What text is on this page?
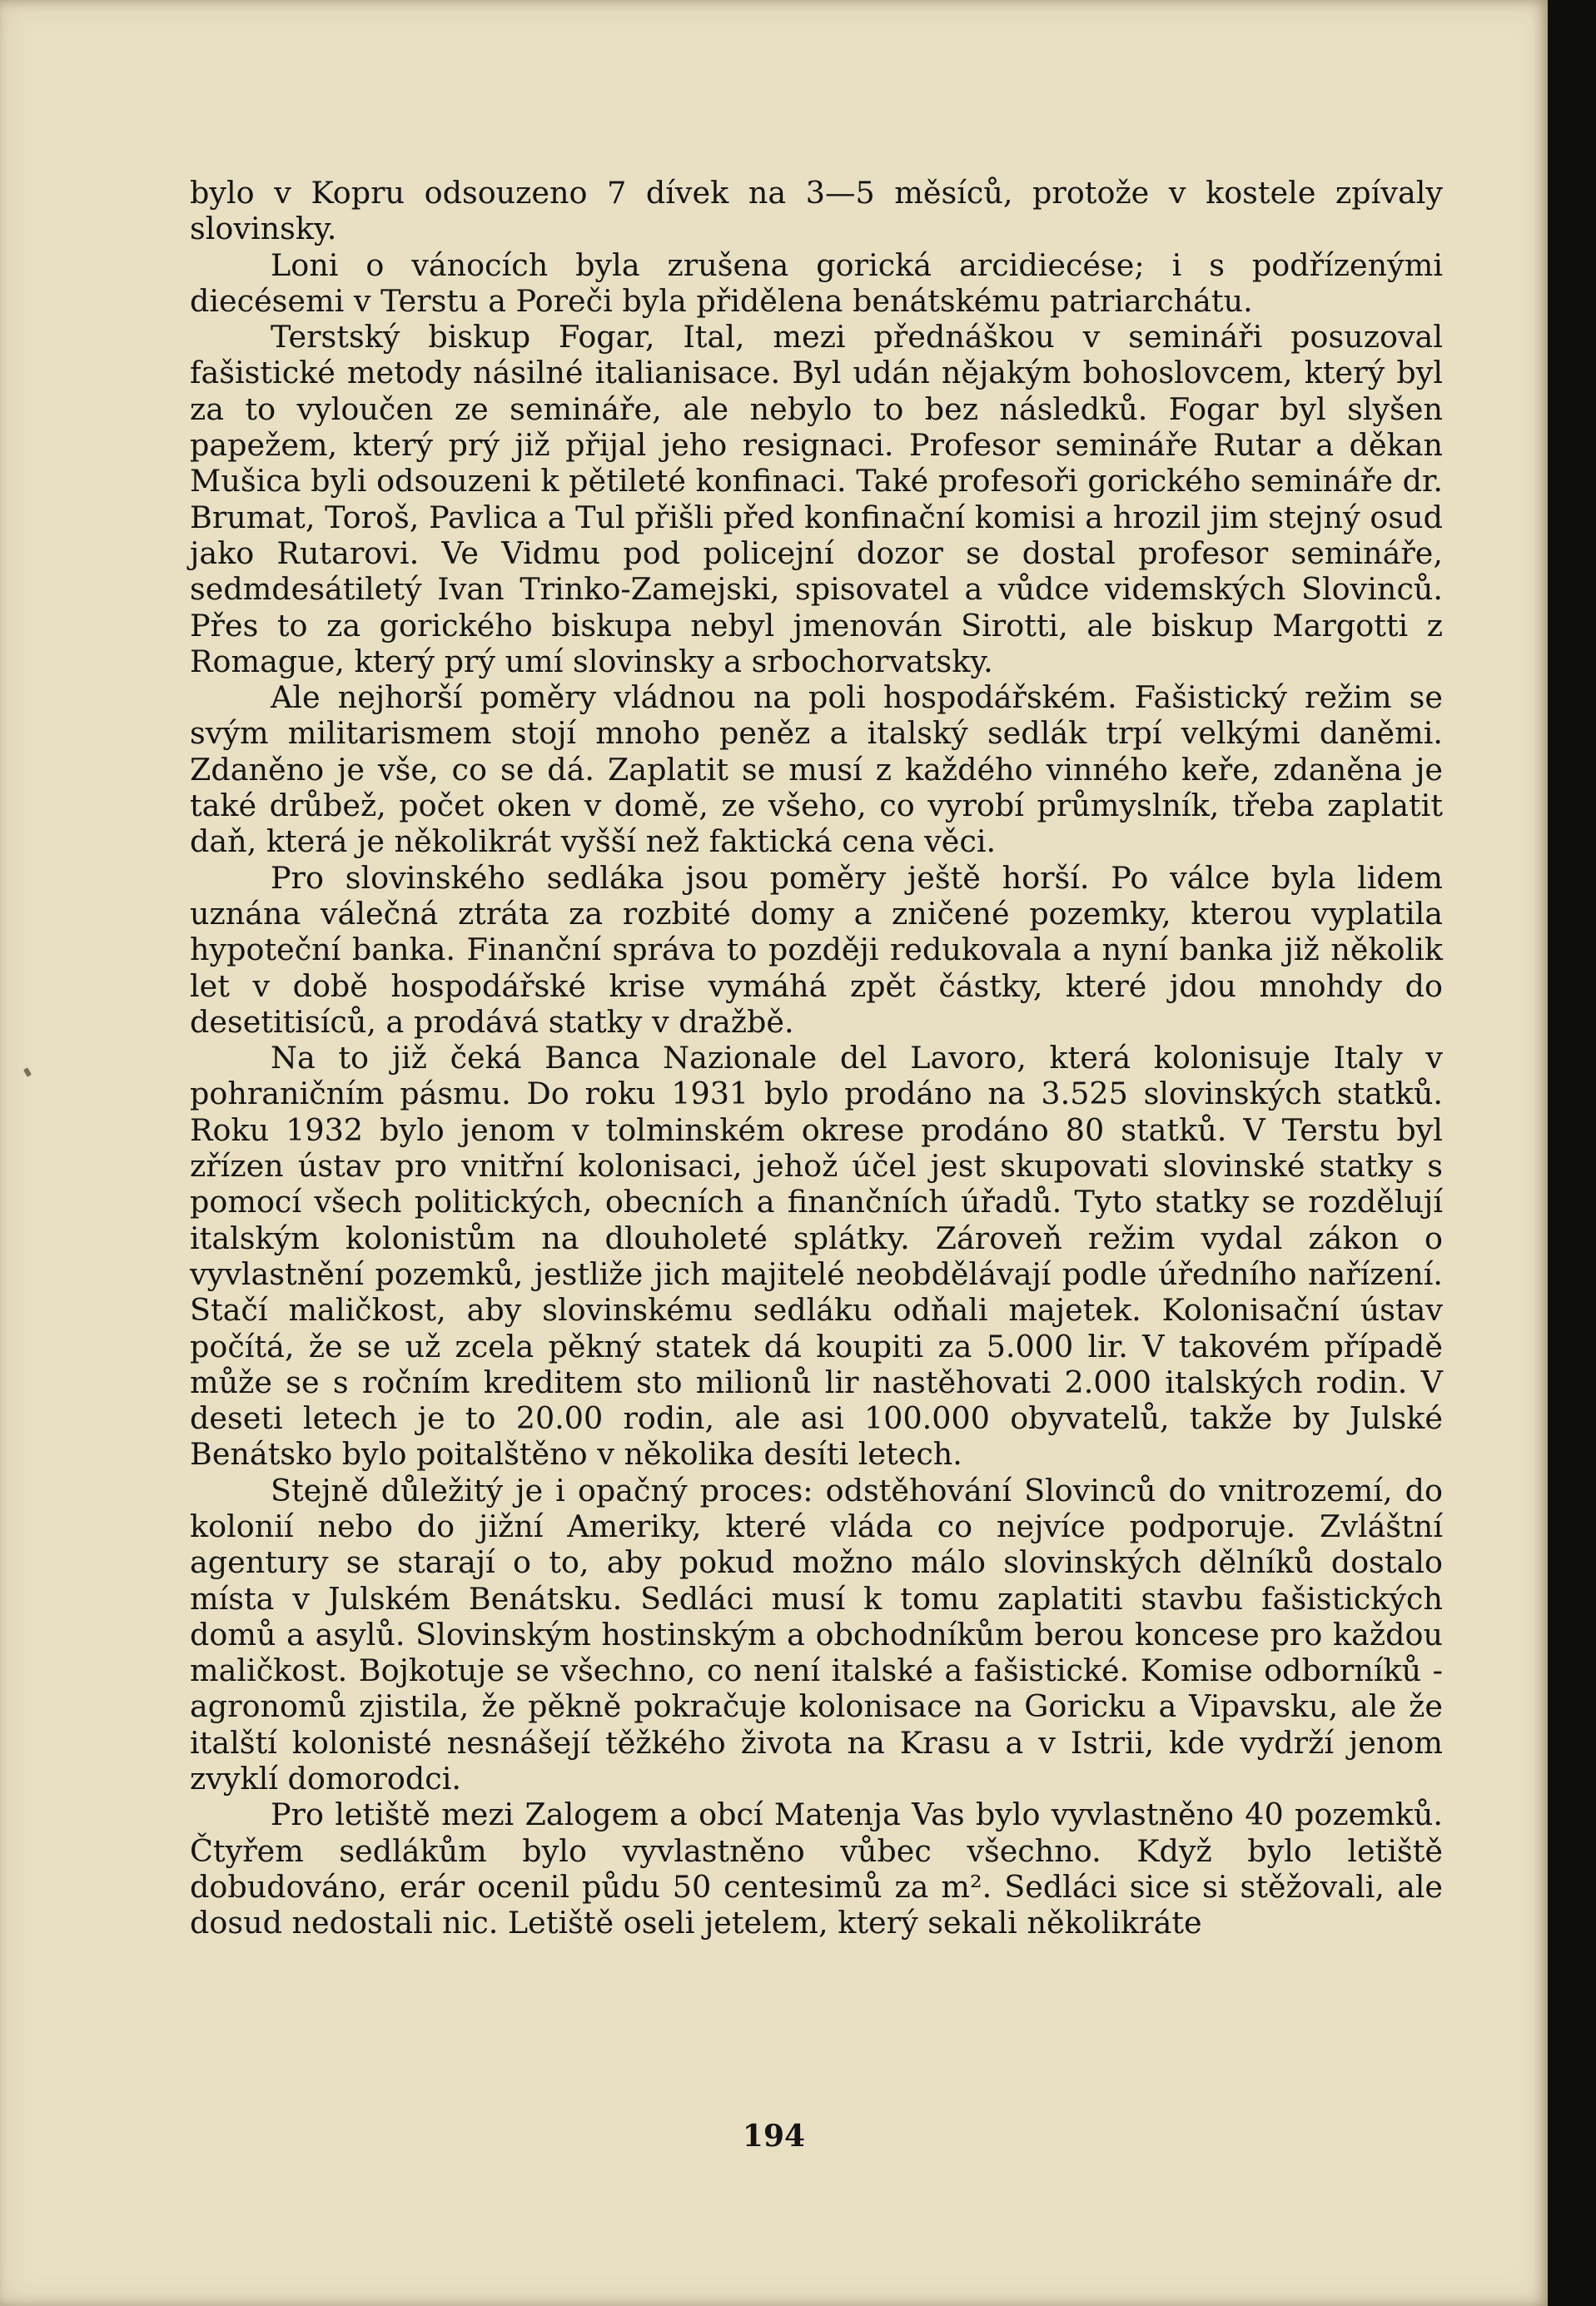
bylo v Kopru odsouzeno 7 dívek na 3—5 měsíců, protože v kostele zpívaly slovinsky.

Loni o vánocích byla zrušena gorická arcidiecése; i s podřízenými diecésemi v Terstu a Poreči byla přidělena benátskému patriarchátu.

Terstský biskup Fogar, Ital, mezi přednáškou v semináři posuzoval fašistické metody násilné italianisace. Byl udán nějakým bohoslovcem, který byl za to vyloučen ze semináře, ale nebylo to bez následků. Fogar byl slyšen papežem, který prý již přijal jeho resignaci. Profesor semináře Rutar a děkan Mušica byli odsouzeni k pětileté konfinaci. Také profesoři gorického semináře dr. Brumat, Toroš, Pavlica a Tul přišli před konfinační komisi a hrozil jim stejný osud jako Rutarovi. Ve Vidmu pod policejní dozor se dostal profesor semináře, sedmdesátiletý Ivan Trinko-Zamejski, spisovatel a vůdce videmských Slovinců. Přes to za gorického biskupa nebyl jmenován Sirotti, ale biskup Margotti z Romague, který prý umí slovinsky a srbochorvatsky.

Ale nejhorší poměry vládnou na poli hospodářském. Fašistický režim se svým militarismem stojí mnoho peněz a italský sedlák trpí velkými daněmi. Zdaněno je vše, co se dá. Zaplatit se musí z každého vinného keře, zdaněna je také drůbež, počet oken v domě, ze všeho, co vyrobí průmyslník, třeba zaplatit daň, která je několikrát vyšší než faktická cena věci.

Pro slovinského sedláka jsou poměry ještě horší. Po válce byla lidem uznána válečná ztráta za rozbité domy a zničené pozemky, kterou vyplatila hypoteční banka. Finanční správa to později redukovala a nyní banka již několik let v době hospodářské krise vymáhá zpět částky, které jdou mnohdy do desetitisíců, a prodává statky v dražbě.

Na to již čeká Banca Nazionale del Lavoro, která kolonisuje Italy v pohraničním pásmu. Do roku 1931 bylo prodáno na 3.525 slovinských statků. Roku 1932 bylo jenom v tolminském okrese prodáno 80 statků. V Terstu byl zřízen ústav pro vnitřní kolonisaci, jehož účel jest skupovati slovinské statky s pomocí všech politických, obecních a finančních úřadů. Tyto statky se rozdělují italským kolonistům na dlouholeté splátky. Zároveň režim vydal zákon o vyvlastnění pozemků, jestliže jich majitelé neobdělávají podle úředního nařízení. Stačí maličkost, aby slovinskému sedláku odňali majetek. Kolonisační ústav počítá, že se už zcela pěkný statek dá koupiti za 5.000 lir. V takovém případě může se s ročním kreditem sto milionů lir nastěhovati 2.000 italských rodin. V deseti letech je to 20.00 rodin, ale asi 100.000 obyvatelů, takže by Julské Benátsko bylo poitalštěno v několika desíti letech.

Stejně důležitý je i opačný proces: odstěhování Slovinců do vnitrozemí, do kolonií nebo do jižní Ameriky, které vláda co nejvíce podporuje. Zvláštní agentury se starají o to, aby pokud možno málo slovinských dělníků dostalo místa v Julském Benátsku. Sedláci musí k tomu zaplatiti stavbu fašistických domů a asylů. Slovinským hostinským a obchodníkům berou koncese pro každou maličkost. Bojkotuje se všechno, co není italské a fašistické. Komise odborníků - agronomů zjistila, že pěkně pokračuje kolonisace na Goricku a Vipavsku, ale že italští kolonisté nesnášejí těžkého života na Krasu a v Istrii, kde vydrží jenom zvyklí domorodci.

Pro letiště mezi Zalogem a obcí Matenja Vas bylo vyvlastněno 40 pozemků. Čtyřem sedlákům bylo vyvlastněno vůbec všechno. Když bylo letiště dobudováno, erár ocenil půdu 50 centesimů za m². Sedláci sice si stěžovali, ale dosud nedostali nic. Letiště oseli jetelem, který sekali několikráte

194
